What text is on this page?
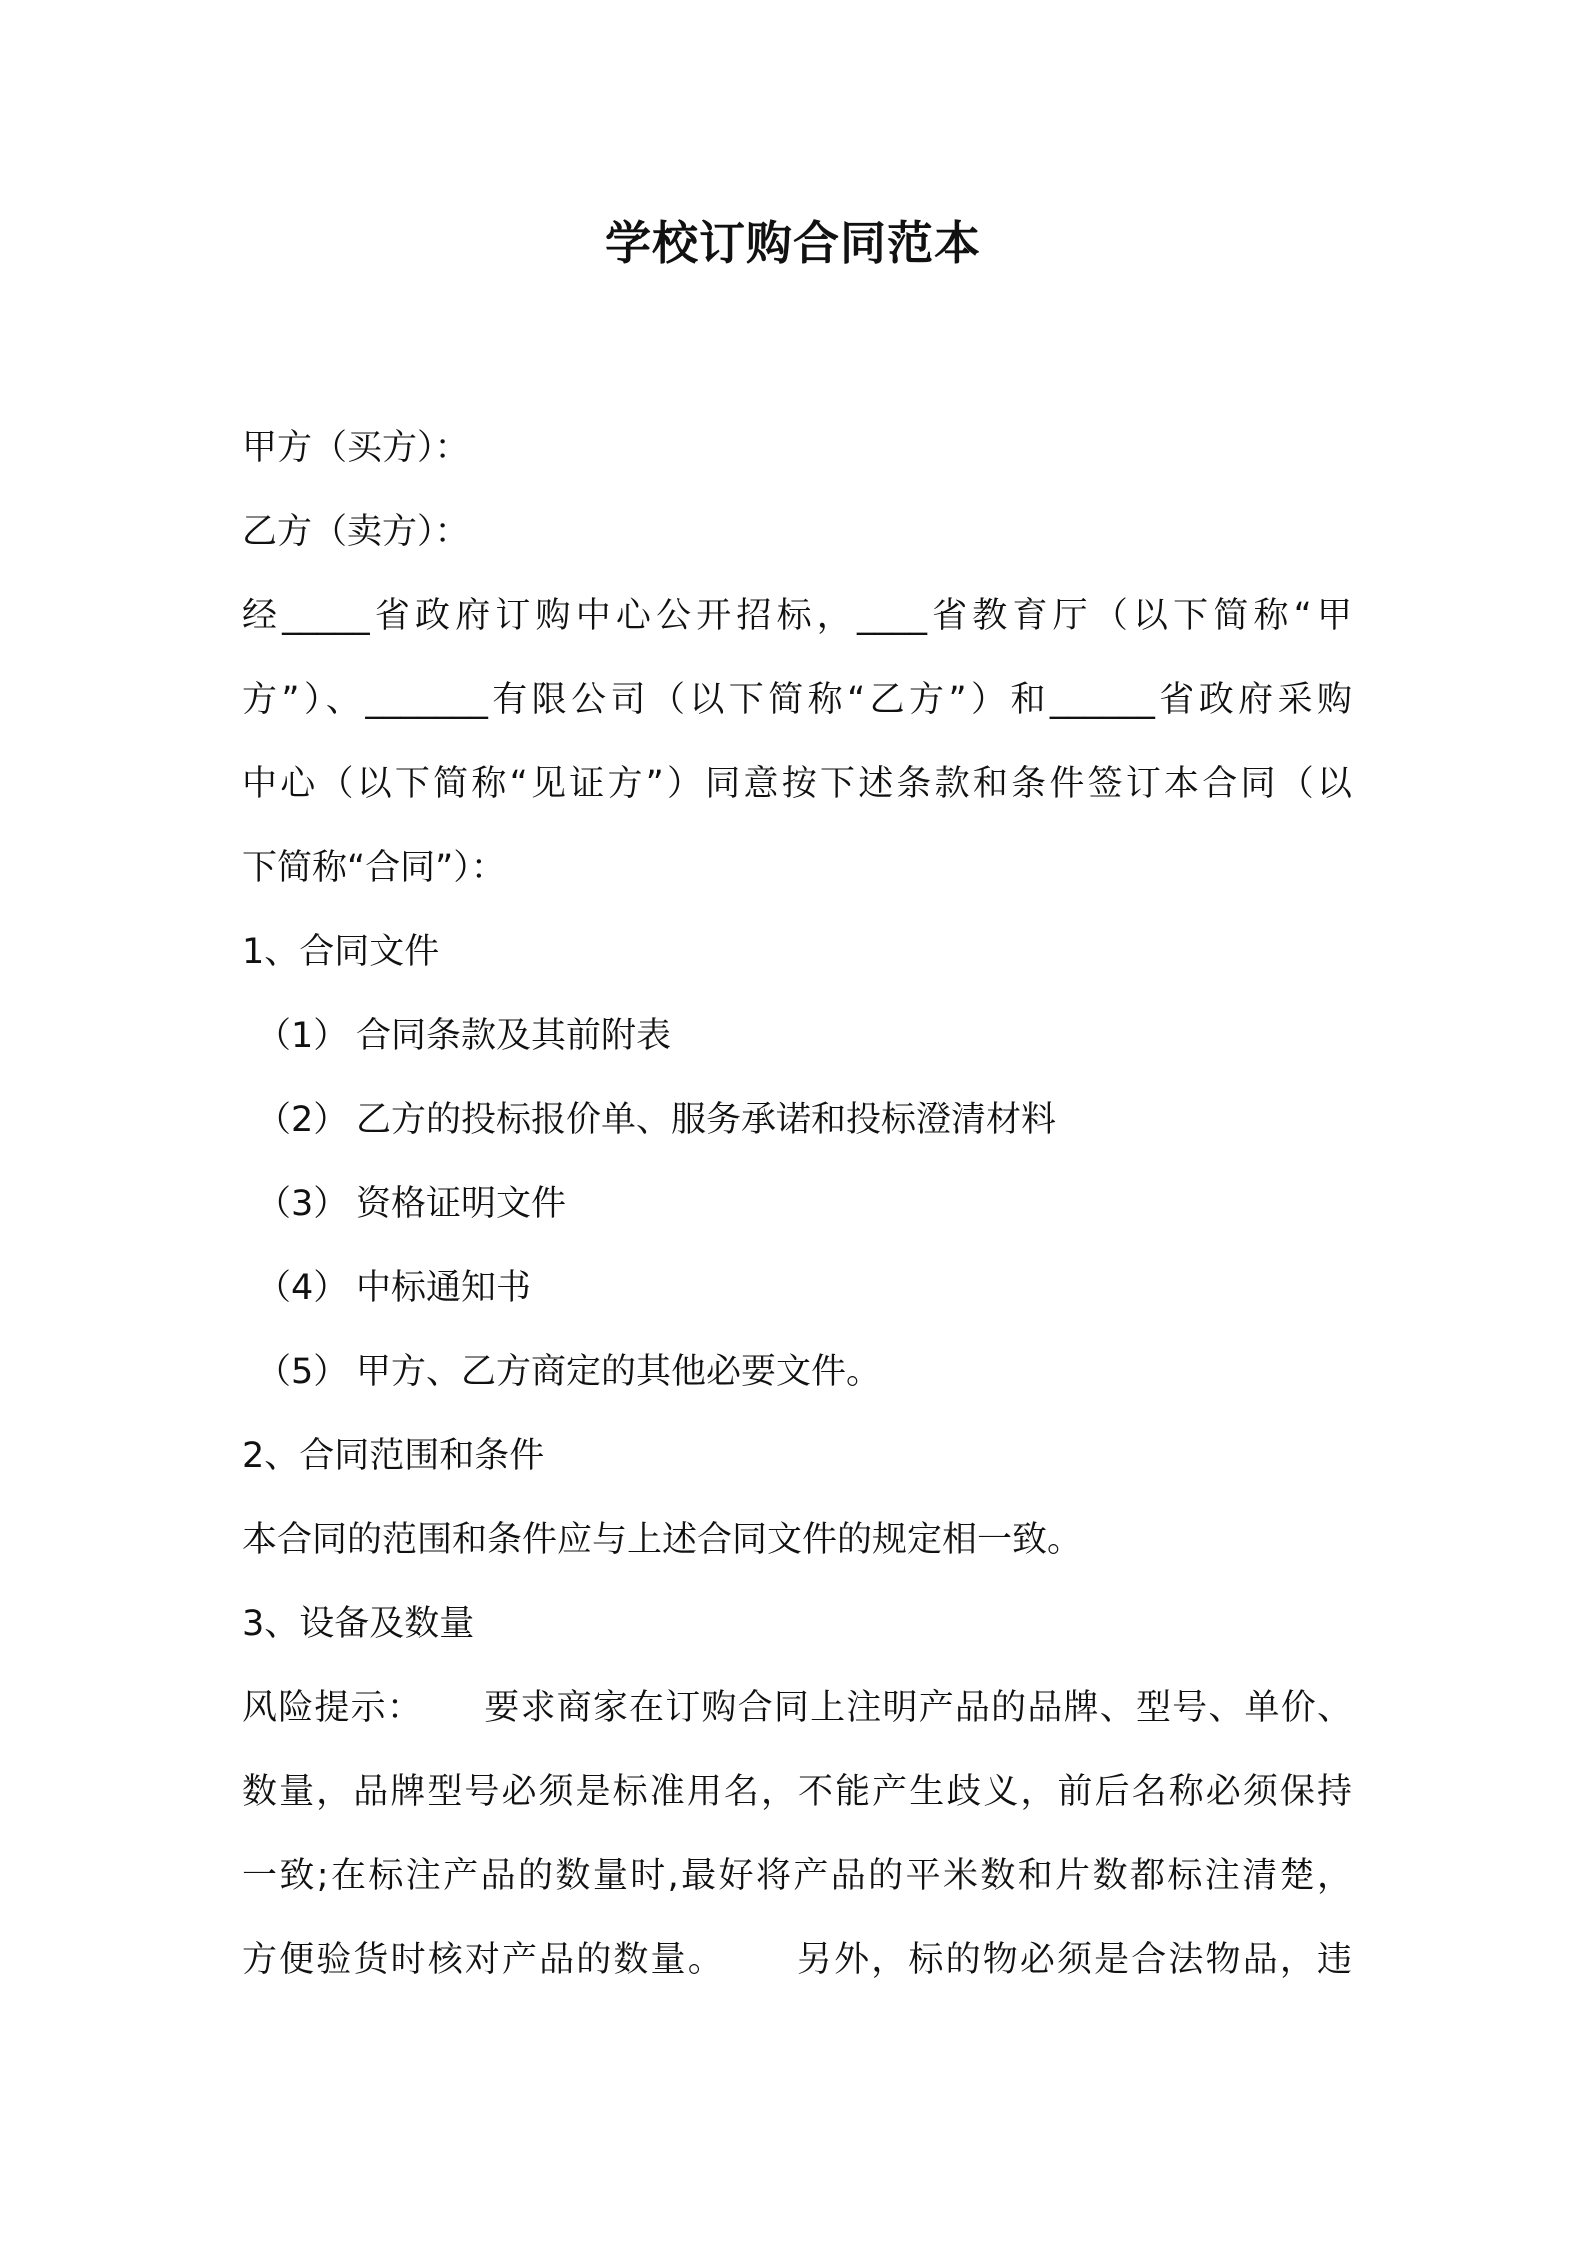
学校订购合同范本
甲方（买方）：
乙方（卖方）：
经_____省政府订购中心公开招标，____省教育厅（以下简称“甲
方”）、_______有限公司（以下简称“乙方”）和______省政府采购
中心（以下简称“见证方”）同意按下述条款和条件签订本合同（以
下简称“合同”）：
1、合同文件
（1） 合同条款及其前附表
（2） 乙方的投标报价单、服务承诺和投标澄清材料
（3） 资格证明文件
（4） 中标通知书
（5） 甲方、乙方商定的其他必要文件。
2、合同范围和条件
本合同的范围和条件应与上述合同文件的规定相一致。
3、设备及数量
风险提示： 要求商家在订购合同上注明产品的品牌、型号、单价、
数量，品牌型号必须是标准用名，不能产生歧义，前后名称必须保持
一致;在标注产品的数量时,最好将产品的平米数和片数都标注清楚，
方便验货时核对产品的数量。 另外，标的物必须是合法物品，违
